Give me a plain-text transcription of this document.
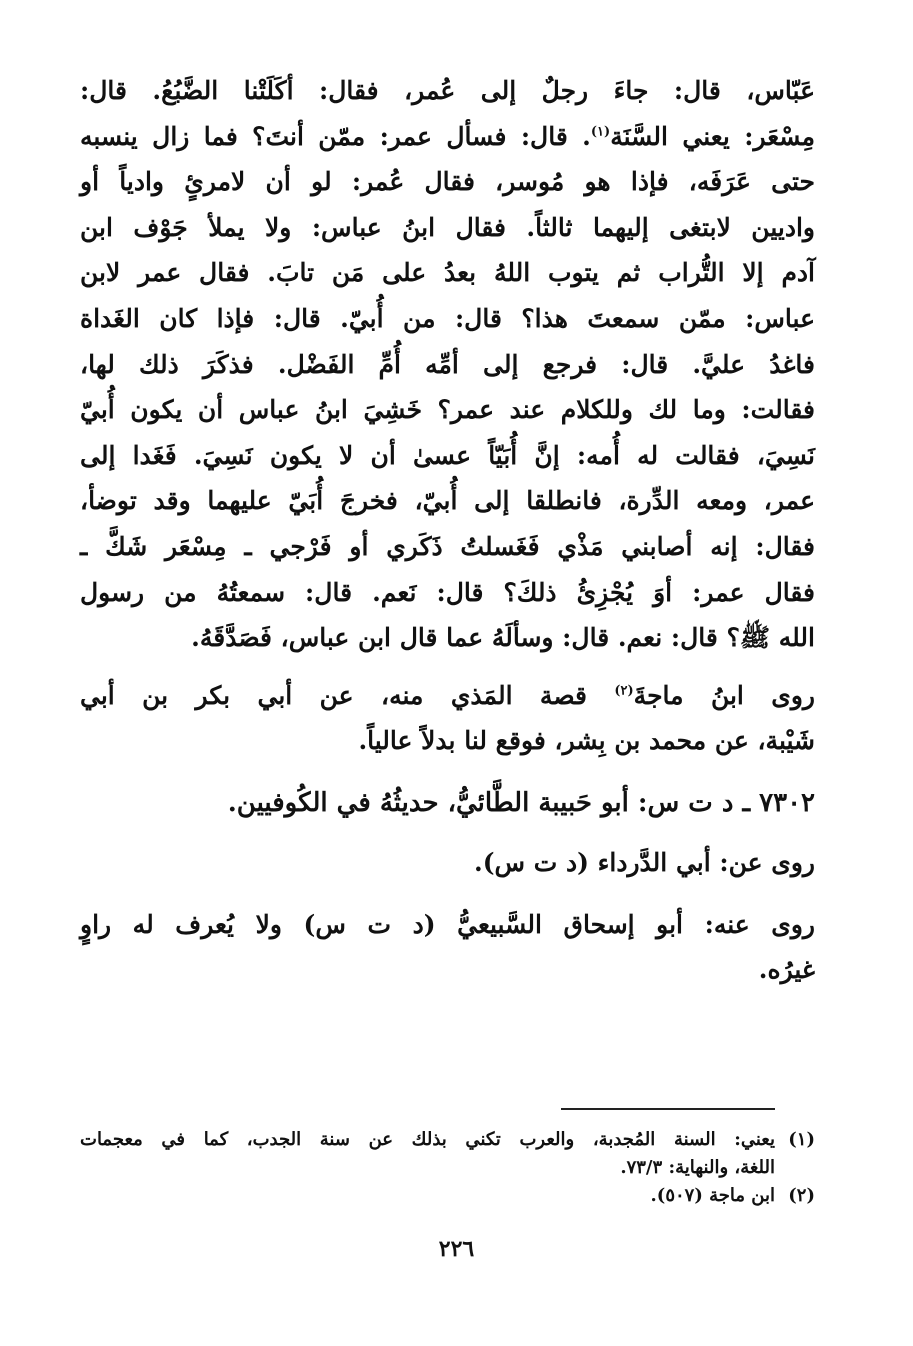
عَبّاس، قال: جاءَ رجلٌ إلى عُمر، فقال: أكَلَتْنا الضَّبُعُ. قال:
مِسْعَر: يعني السَّنَة$^{(١)}$. قال: فسأل عمر: ممّن أنتَ؟ فما زال ينسبه
حتى عَرَفَه، فإذا هو مُوسر، فقال عُمر: لو أن لامرئٍ وادياً أو
واديين لابتغى إليهما ثالثاً. فقال ابنُ عباس: ولا يملأ جَوْف ابن
آدم إلا التُّراب ثم يتوب اللهُ بعدُ على مَن تابَ. فقال عمر لابن
عباس: ممّن سمعتَ هذا؟ قال: من أُبيّ. قال: فإذا كان الغَداة
فاغدُ عليَّ. قال: فرجع إلى أمِّه أُمِّ الفَضْل. فذكَرَ ذلك لها،
فقالت: وما لك وللكلام عند عمر؟ خَشِيَ ابنُ عباس أن يكون أُبيّ
نَسِيَ، فقالت له أُمه: إنَّ أُبَيّاً عسىٰ أن لا يكون نَسِيَ. فَغَدا إلى
عمر، ومعه الدِّرة، فانطلقا إلى أُبيّ، فخرجَ أُبَيّ عليهما وقد توضأ،
فقال: إنه أصابني مَذْي فَغَسلتُ ذَكَري أو فَرْجي ـ مِسْعَر شَكَّ ـ
فقال عمر: أوَ يُجْزِئُ ذلكَ؟ قال: نَعم. قال: سمعتُهُ من رسول
الله ﷺ؟ قال: نعم. قال: وسألَهُ عما قال ابن عباس، فَصَدَّقَهُ.

روى ابنُ ماجةَ$^{(٢)}$ قصة المَذي منه، عن أبي بكر بن أبي
شَيْبة، عن محمد بن بِشر، فوقع لنا بدلاً عالياً.

٧٣٠٢ ـ د ت س: أبو حَبيبة الطَّائيُّ، حديثُهُ في الكُوفيين.

روى عن: أبي الدَّرداء (د ت س).

روى عنه: أبو إسحاق السَّبيعيُّ (د ت س) ولا يُعرف له راوٍ
غيرُه.

(١)
يعني: السنة المُجدبة، والعرب تكني بذلك عن سنة الجدب، كما في معجمات
اللغة، والنهاية: ٧٣/٣.
(٢)
ابن ماجة (٥٠٧).
٢٢٦
